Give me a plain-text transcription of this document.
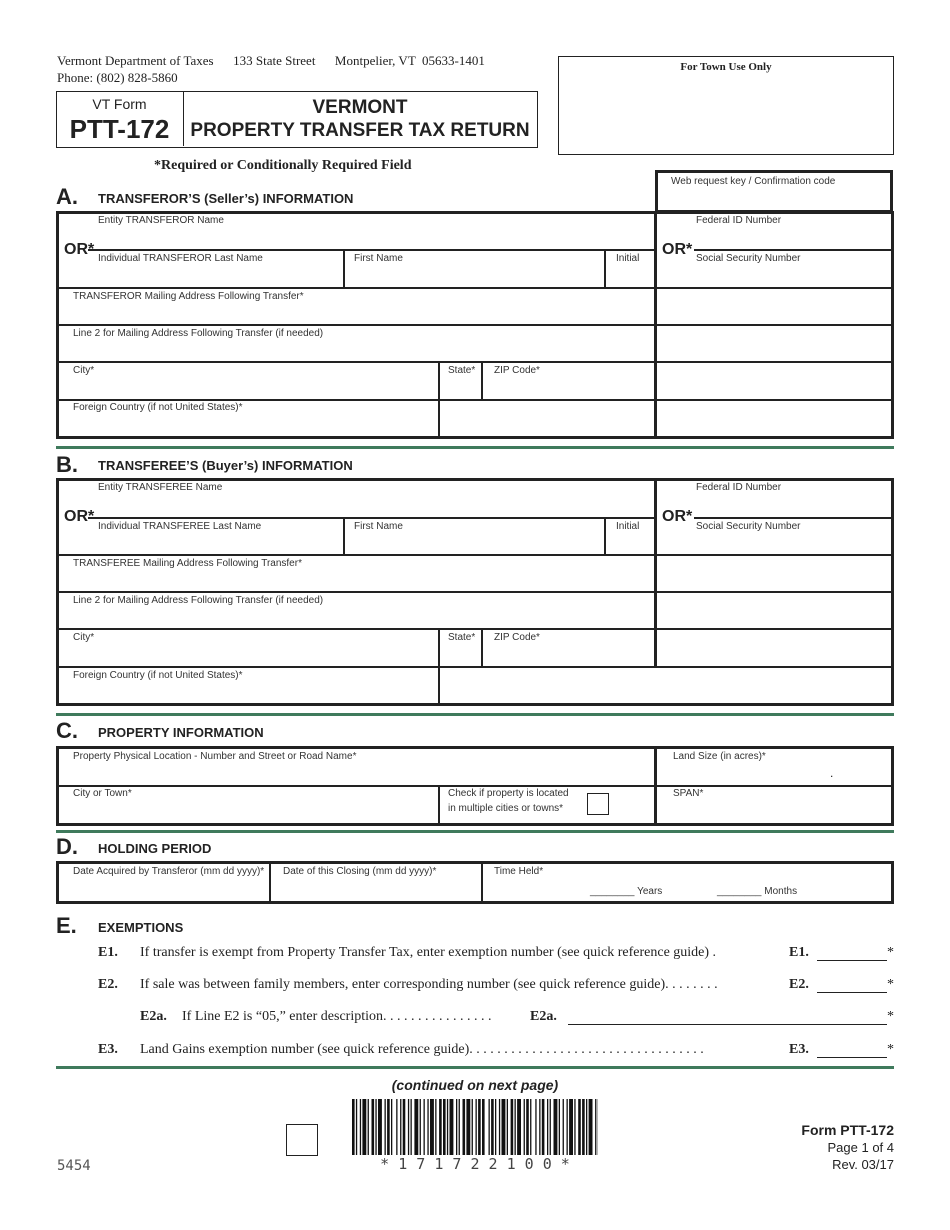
Vermont Department of Taxes      133 State Street      Montpelier, VT  05633-1401
Phone: (802) 828-5860
VT Form
PTT-172
VERMONT
PROPERTY TRANSFER TAX RETURN
For Town Use Only
*Required or Conditionally Required Field
Web request key / Confirmation code
A. TRANSFEROR’S (Seller’s) INFORMATION
Entity TRANSFEROR Name	Federal ID Number
OR*	OR*
Individual TRANSFEROR Last Name	First Name	Initial	Social Security Number
TRANSFEROR Mailing Address Following Transfer*
Line 2 for Mailing Address Following Transfer (if needed)
City*	State* ZIP Code*
Foreign Country (if not United States)*
B. TRANSFEREE’S (Buyer’s) INFORMATION
Entity TRANSFEREE Name	Federal ID Number
OR*	OR*
Individual TRANSFEREE Last Name	First Name	Initial	Social Security Number
TRANSFEREE Mailing Address Following Transfer*
Line 2 for Mailing Address Following Transfer (if needed)
City*	State* ZIP Code*
Foreign Country (if not United States)*
C. PROPERTY INFORMATION
Property Physical Location - Number and Street or Road Name*	Land Size (in acres)*
.
City or Town*	Check if property is located
in multiple cities or towns*
SPAN*
D. HOLDING PERIOD
Date Acquired by Transferor (mm dd yyyy)* Date of this Closing (mm dd yyyy)*	Time Held*
________ Years	________ Months
E. EXEMPTIONS
E1. If transfer is exempt from Property Transfer Tax, enter exemption number (see quick reference guide) .	E1.	*
E2. If sale was between family members, enter corresponding number (see quick reference guide). . . . . . . .	E2.	*
E2a. If Line E2 is “05,” enter description. . . . . . . . . . . . . . . .	E2a.	*
E3. Land Gains exemption number (see quick reference guide). . . . . . . . . . . . . . . . . . . . . . . . . . . . . . . . . .	E3.	*
(continued on next page)
* 1 7 1 7 2 2 1 0 0 *
5454
Form PTT-172
Page 1 of 4
Rev. 03/17
